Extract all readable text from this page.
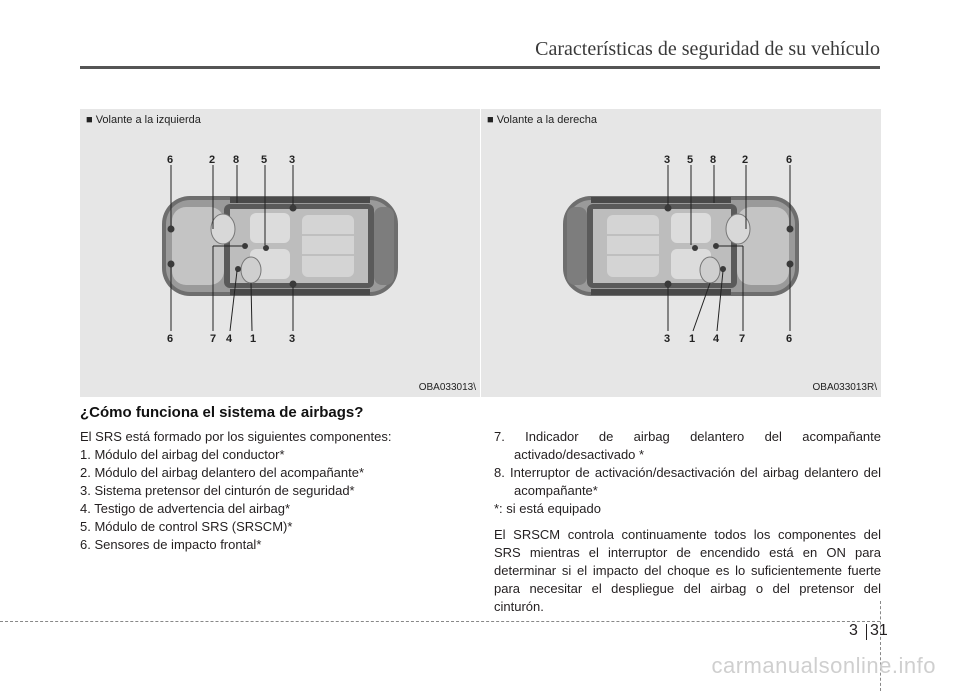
Características de seguridad de su vehículo
■ Volante a la izquierda
6	2 8 5 3
6	7 4 1	3
OBA033013\
■ Volante a la derecha
3 5 8 2	6
3 1 4 7	6
OBA033013R\
¿Cómo funciona el sistema de airbags?

El SRS está formado por los siguientes componentes:

1. Módulo del airbag del conductor*

2. Módulo del airbag delantero del acompañante*

3. Sistema pretensor del cinturón de seguridad*

4. Testigo de advertencia del airbag*

5. Módulo de control SRS (SRSCM)*

6. Sensores de impacto frontal*

7. Indicador de airbag delantero del acompañante activado/desactivado *

8. Interruptor de activación/desactivación del airbag delantero del acompañante*

*: si está equipado

El SRSCM controla continuamente todos los componentes del SRS mientras el interruptor de encendido está en ON para determinar si el impacto del choque es lo suficientemente fuerte para necesitar el despliegue del airbag o del pretensor del cinturón.

3 31
carmanualsonline.info
